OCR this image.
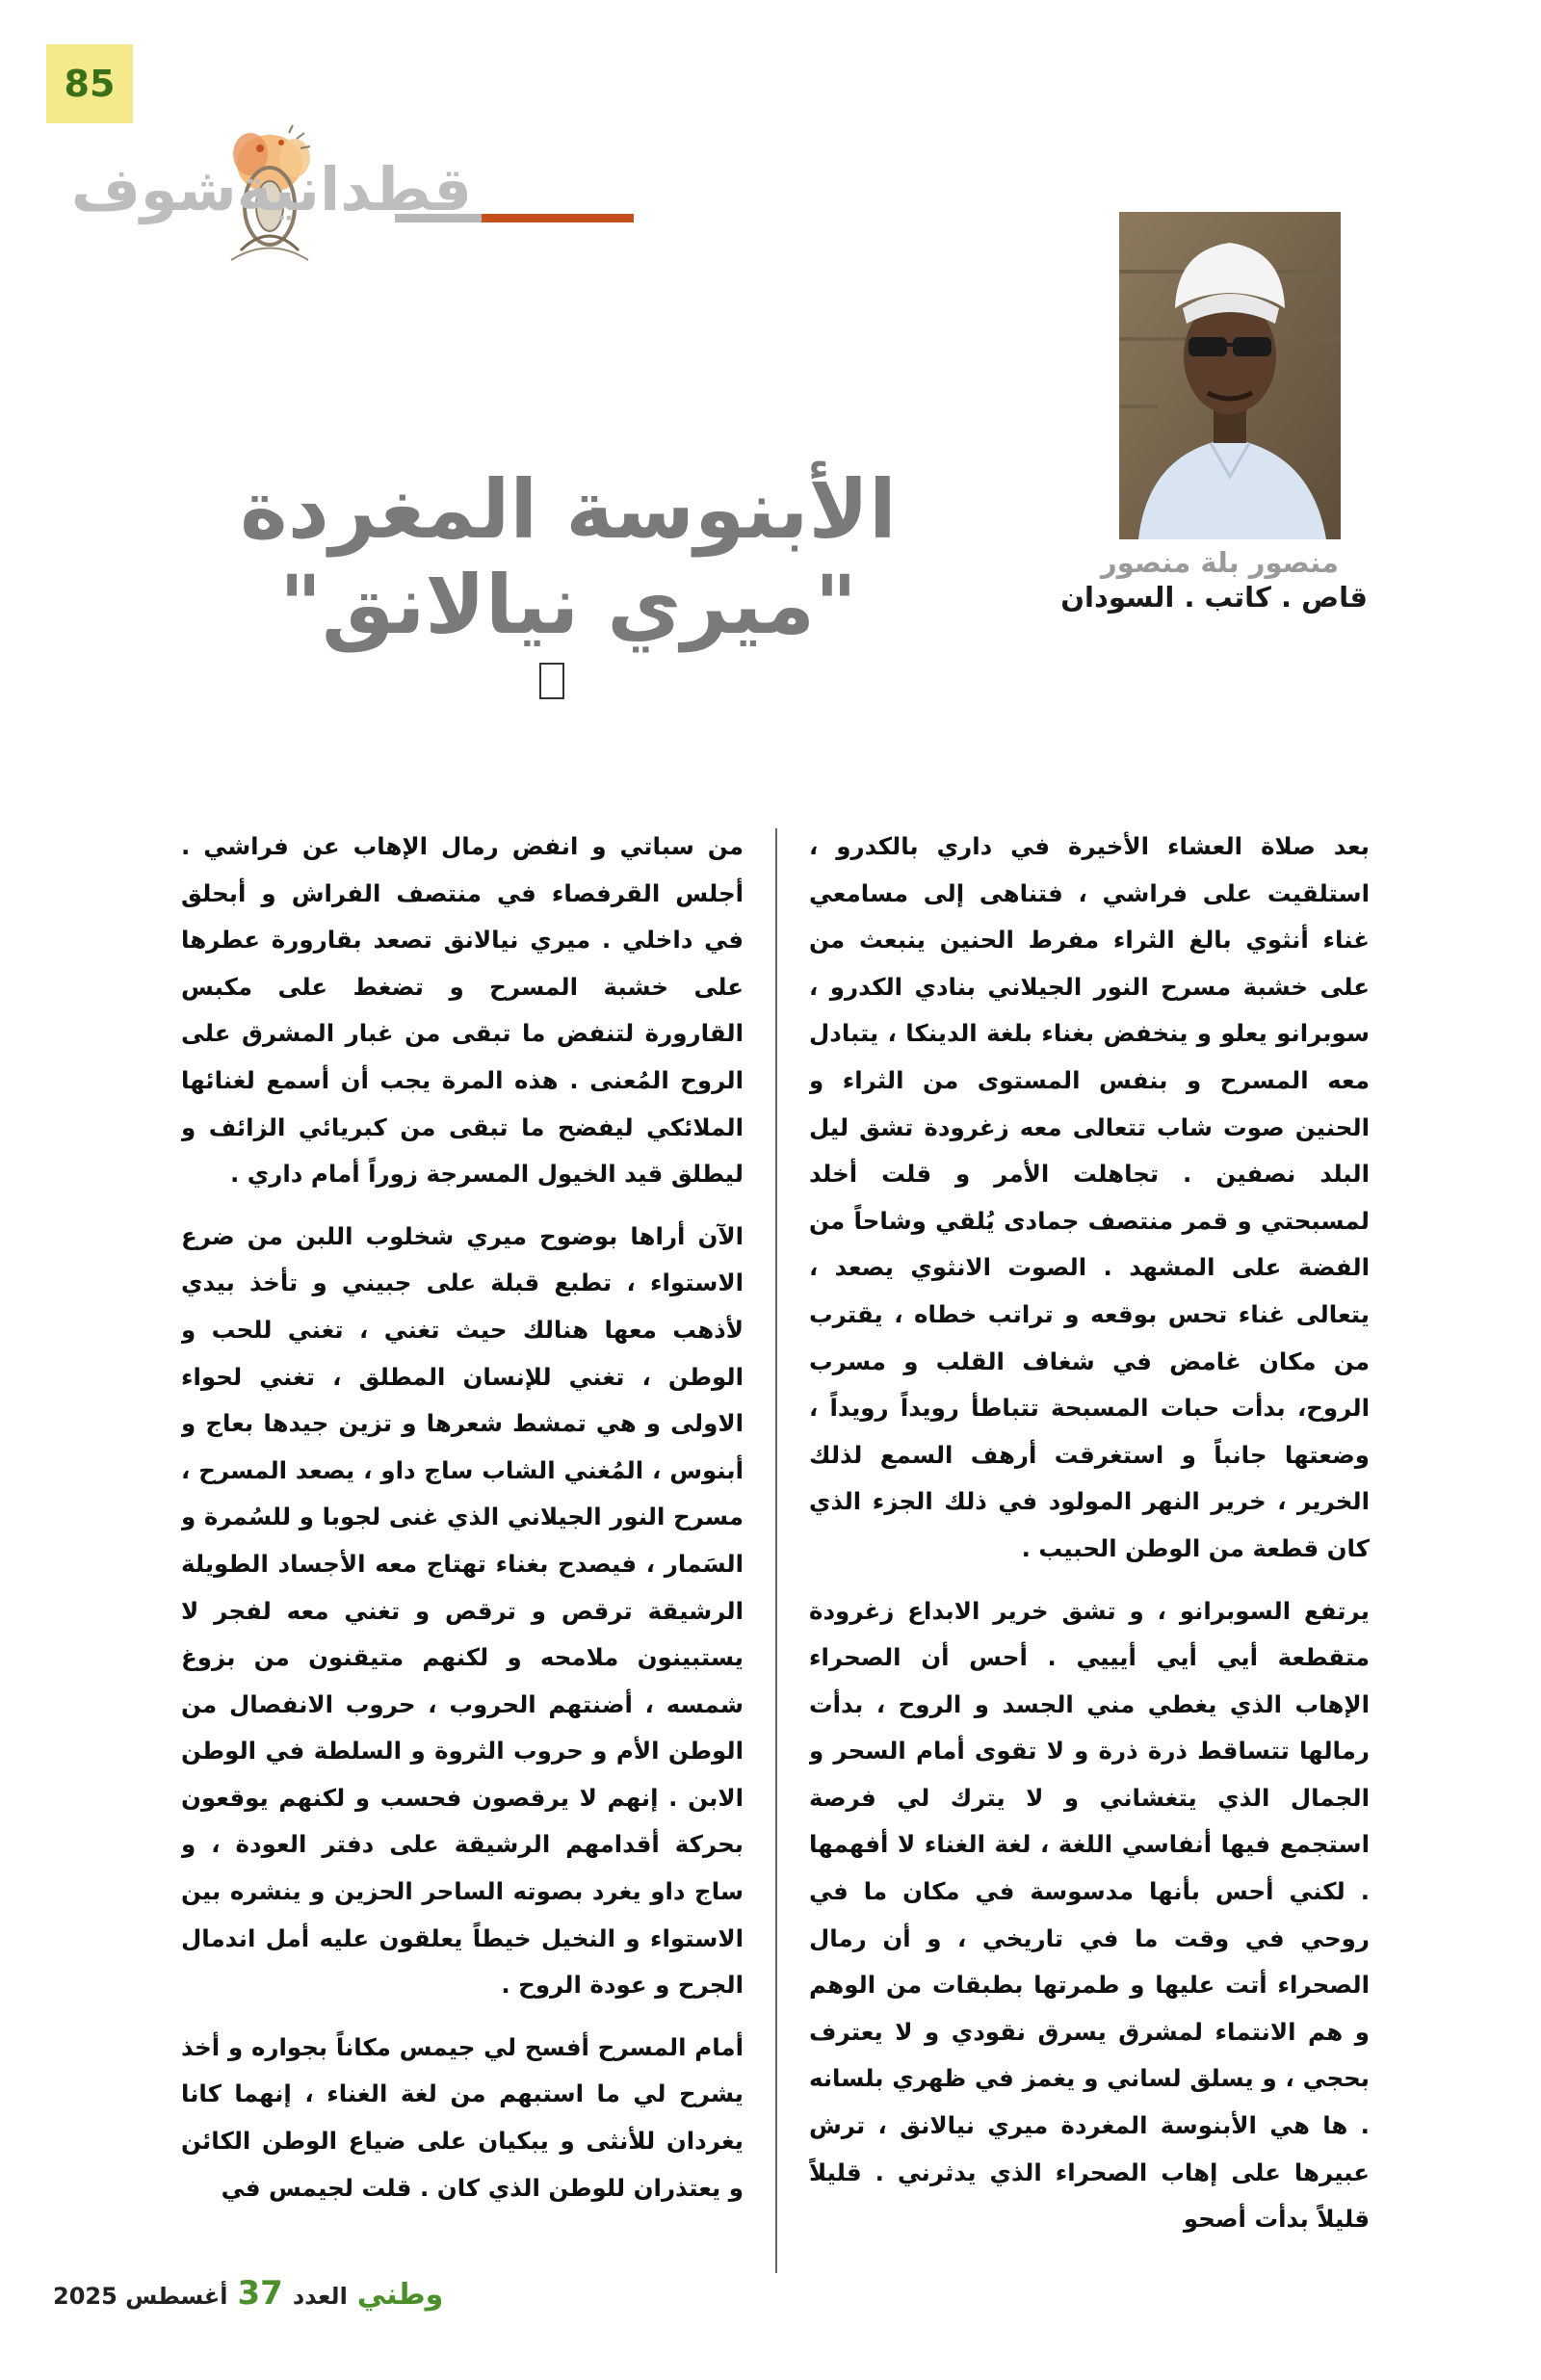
85
قطدانيةشوف
منصور بلة منصور
قاص . كاتب . السودان
الأبنوسة المغردة
"ميري نيالانق"

بعد صلاة العشاء الأخيرة في داري بالكدرو ، استلقيت على فراشي ، فتناهى إلى مسامعي غناء أنثوي بالغ الثراء مفرط الحنين ينبعث من على خشبة مسرح النور الجيلاني بنادي الكدرو ، سوبرانو يعلو و ينخفض بغناء بلغة الدينكا ، يتبادل معه المسرح و بنفس المستوى من الثراء و الحنين صوت شاب تتعالى معه زغرودة تشق ليل البلد نصفين . تجاهلت الأمر و قلت أخلد لمسبحتي و قمر منتصف جمادى يُلقي وشاحاً من الفضة على المشهد . الصوت الانثوي يصعد ، يتعالى غناء تحس بوقعه و تراتب خطاه ، يقترب من مكان غامض في شغاف القلب و مسرب الروح، بدأت حبات المسبحة تتباطأ رويداً رويداً ، وضعتها جانباً و استغرقت أرهف السمع لذلك الخرير ، خرير النهر المولود في ذلك الجزء الذي كان قطعة من الوطن الحبيب .

يرتفع السوبرانو ، و تشق خرير الابداع زغرودة متقطعة أيي أيي أيييي . أحس أن الصحراء الإهاب الذي يغطي مني الجسد و الروح ، بدأت رمالها تتساقط ذرة ذرة و لا تقوى أمام السحر و الجمال الذي يتغشاني و لا يترك لي فرصة استجمع فيها أنفاسي اللغة ، لغة الغناء لا أفهمها . لكني أحس بأنها مدسوسة في مكان ما في روحي في وقت ما في تاريخي ، و أن رمال الصحراء أتت عليها و طمرتها بطبقات من الوهم و هم الانتماء لمشرق يسرق نقودي و لا يعترف بحجي ، و يسلق لساني و يغمز في ظهري بلسانه . ها هي الأبنوسة المغردة ميري نيالانق ، ترش عبيرها على إهاب الصحراء الذي يدثرني . قليلاً قليلاً بدأت أصحو

من سباتي و انفض رمال الإهاب عن فراشي . أجلس القرفصاء في منتصف الفراش و أبحلق في داخلي . ميري نيالانق تصعد بقارورة عطرها على خشبة المسرح و تضغط على مكبس القارورة لتنفض ما تبقى من غبار المشرق على الروح المُعنى . هذه المرة يجب أن أسمع لغنائها الملائكي ليفضح ما تبقى من كبريائي الزائف و ليطلق قيد الخيول المسرجة زوراً أمام داري .

الآن أراها بوضوح ميري شخلوب اللبن من ضرع الاستواء ، تطبع قبلة على جبيني و تأخذ بيدي لأذهب معها هنالك حيث تغني ، تغني للحب و الوطن ، تغني للإنسان المطلق ، تغني لحواء الاولى و هي تمشط شعرها و تزين جيدها بعاج و أبنوس ، المُغني الشاب ساج داو ، يصعد المسرح ، مسرح النور الجيلاني الذي غنى لجوبا و للسُمرة و السَمار ، فيصدح بغناء تهتاج معه الأجساد الطويلة الرشيقة ترقص و ترقص و تغني معه لفجر لا يستبينون ملامحه و لكنهم متيقنون من بزوغ شمسه ، أضنتهم الحروب ، حروب الانفصال من الوطن الأم و حروب الثروة و السلطة في الوطن الابن . إنهم لا يرقصون فحسب و لكنهم يوقعون بحركة أقدامهم الرشيقة على دفتر العودة ، و ساج داو يغرد بصوته الساحر الحزين و ينشره بين الاستواء و النخيل خيطاً يعلقون عليه أمل اندمال الجرح و عودة الروح .

أمام المسرح أفسح لي جيمس مكاناً بجواره و أخذ يشرح لي ما استبهم من لغة الغناء ، إنهما كانا يغردان للأنثى و يبكيان على ضياع الوطن الكائن و يعتذران للوطن الذي كان . قلت لجيمس في

وطني
العدد
37
أغسطس 2025
